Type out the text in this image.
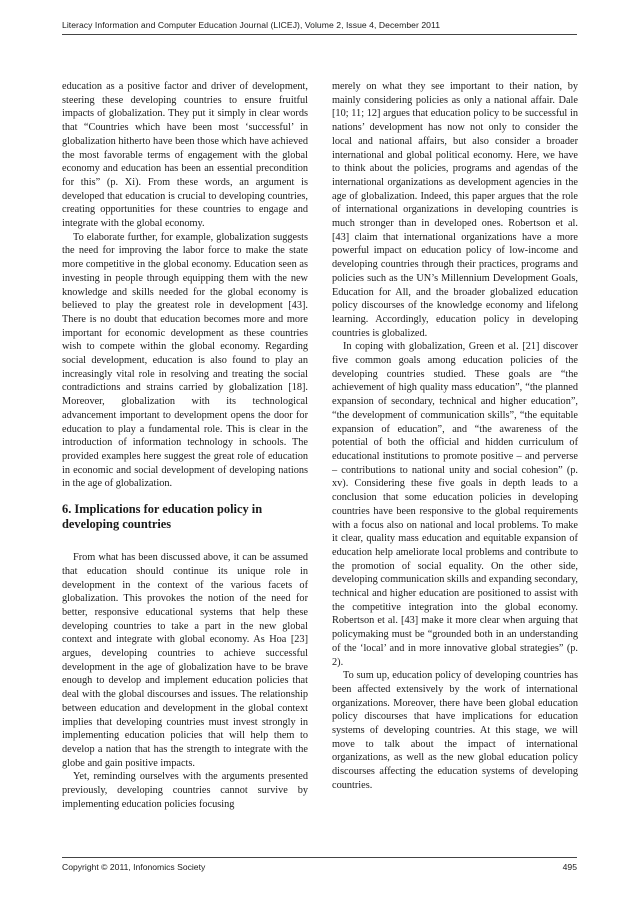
Literacy Information and Computer Education Journal (LICEJ), Volume 2, Issue 4, December 2011

education as a positive factor and driver of development, steering these developing countries to ensure fruitful impacts of globalization. They put it simply in clear words that “Countries which have been most ‘successful’ in globalization hitherto have been those which have achieved the most favorable terms of engagement with the global economy and education has been an essential precondition for this” (p. Xi). From these words, an argument is developed that education is crucial to developing countries, creating opportunities for these countries to engage and integrate with the global economy.

To elaborate further, for example, globalization suggests the need for improving the labor force to make the state more competitive in the global economy. Education seen as investing in people through equipping them with the new knowledge and skills needed for the global economy is believed to play the greatest role in development [43]. There is no doubt that education becomes more and more important for economic development as these countries wish to compete within the global economy. Regarding social development, education is also found to play an increasingly vital role in resolving and treating the social contradictions and strains carried by globalization [18]. Moreover, globalization with its technological advancement important to development opens the door for education to play a fundamental role. This is clear in the introduction of information technology in schools. The provided examples here suggest the great role of education in economic and social development of developing nations in the age of globalization.

6. Implications for education policy in developing countries

From what has been discussed above, it can be assumed that education should continue its unique role in development in the context of the various facets of globalization. This provokes the notion of the need for better, responsive educational systems that help these developing countries to take a part in the new global context and integrate with global economy. As Hoa [23] argues, developing countries to achieve successful development in the age of globalization have to be brave enough to develop and implement education policies that deal with the global discourses and issues. The relationship between education and development in the global context implies that developing countries must invest strongly in implementing education policies that will help them to develop a nation that has the strength to integrate with the globe and gain positive impacts.

Yet, reminding ourselves with the arguments presented previously, developing countries cannot survive by implementing education policies focusing

merely on what they see important to their nation, by mainly considering policies as only a national affair. Dale [10; 11; 12] argues that education policy to be successful in nations’ development has now not only to consider the local and national affairs, but also consider a broader international and global political economy. Here, we have to think about the policies, programs and agendas of the international organizations as development agencies in the age of globalization. Indeed, this paper argues that the role of international organizations in developing countries is much stronger than in developed ones. Robertson et al. [43] claim that international organizations have a more powerful impact on education policy of low-income and developing countries through their practices, programs and policies such as the UN’s Millennium Development Goals, Education for All, and the broader globalized education policy discourses of the knowledge economy and lifelong learning. Accordingly, education policy in developing countries is globalized.

In coping with globalization, Green et al. [21] discover five common goals among education policies of the developing countries studied. These goals are “the achievement of high quality mass education”, “the planned expansion of secondary, technical and higher education”, “the development of communication skills”, “the equitable expansion of education”, and “the awareness of the potential of both the official and hidden curriculum of educational institutions to promote positive – and perverse – contributions to national unity and social cohesion” (p. xv). Considering these five goals in depth leads to a conclusion that some education policies in developing countries have been responsive to the global requirements with a focus also on national and local problems. To make it clear, quality mass education and equitable expansion of education help ameliorate local problems and contribute to the promotion of social equality. On the other side, developing communication skills and expanding secondary, technical and higher education are positioned to assist with the competitive integration into the global economy. Robertson et al. [43] make it more clear when arguing that policymaking must be “grounded both in an understanding of the ‘local’ and in more innovative global strategies” (p. 2).

To sum up, education policy of developing countries has been affected extensively by the work of international organizations. Moreover, there have been global education policy discourses that have implications for education systems of developing countries. At this stage, we will move to talk about the impact of international organizations, as well as the new global education policy discourses affecting the education systems of developing countries.

Copyright © 2011, Infonomics Society	495
